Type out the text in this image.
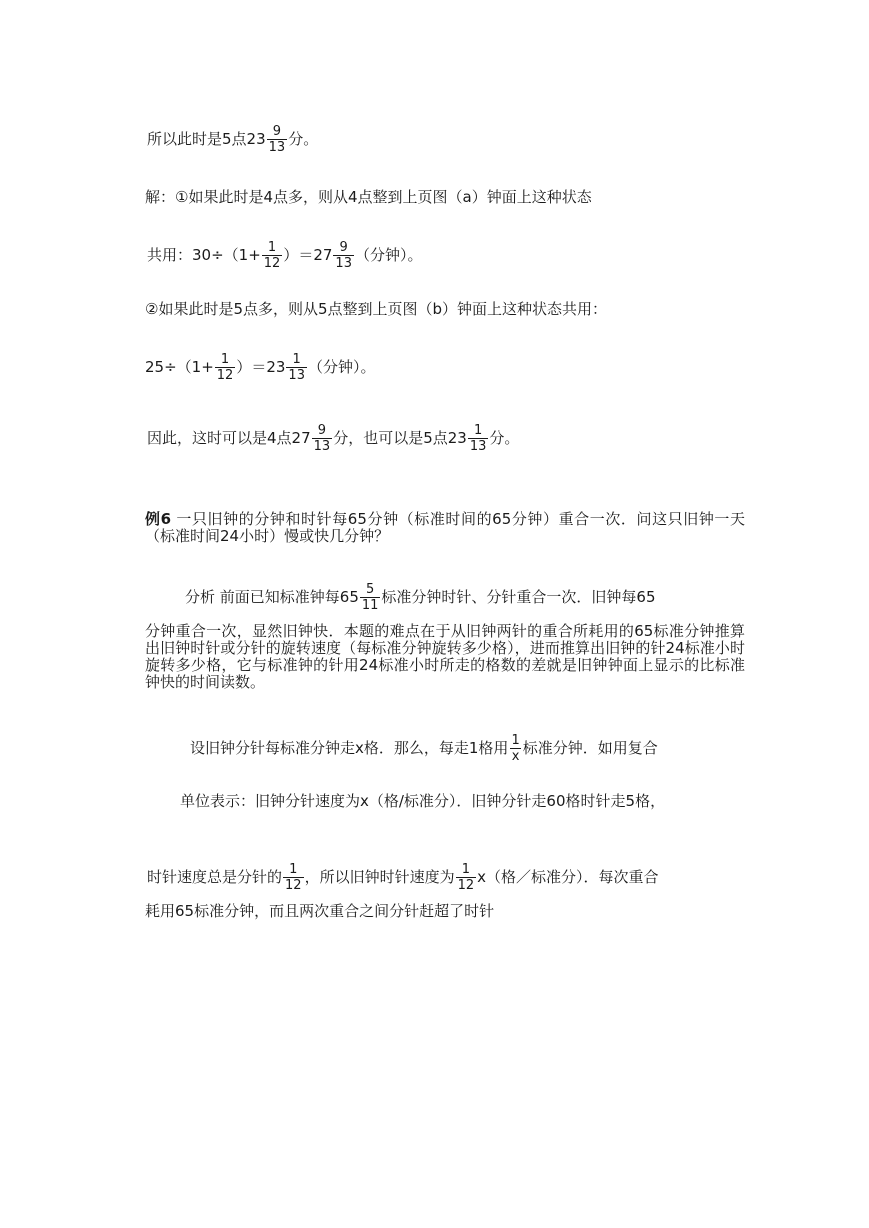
所以此时是5点$23 \frac{9}{13}$ 分。
解：①如果此时是4点多，则从4点整到上页图（a）钟面上这种状态
共用：$30\div(1+ \frac{1}{12} )=27 \frac{9}{13}$ （分钟）。
②如果此时是5点多，则从5点整到上页图（b）钟面上这种状态共用：
$25\div(1+ \frac{1}{12} )=23 \frac{1}{13}$ （分钟）。
因此，这时可以是4点$27 \frac{9}{13}$ 分，也可以是5点$23 \frac{1}{13}$ 分。
例6 一只旧钟的分钟和时针每65分钟（标准时间的65分钟）重合一次．问这只旧钟一天（标准时间24小时）慢或快几分钟？
分析 前面已知标准钟每$65 \frac{5}{11}$ 标准分钟时针、分针重合一次．旧钟每65
分钟重合一次，显然旧钟快．本题的难点在于从旧钟两针的重合所耗用的65标准分钟推算出旧钟时针或分针的旋转速度（每标准分钟旋转多少格），进而推算出旧钟的针24标准小时旋转多少格，它与标准钟的针用24标准小时所走的格数的差就是旧钟钟面上显示的比标准钟快的时间读数。
设旧钟分针每标准分钟走x格．那么，每走1格用 $\frac{1}{x}$ 标准分钟．如用复合
单位表示：旧钟分针速度为x（格/标准分）．旧钟分针走60格时针走5格，
时针速度总是分针的 $\frac{1}{12}$ ，所以旧钟时针速度为 $\frac{1}{12} x$（格／标准分）．每次重合
耗用65标准分钟，而且两次重合之间分针赶超了时针
